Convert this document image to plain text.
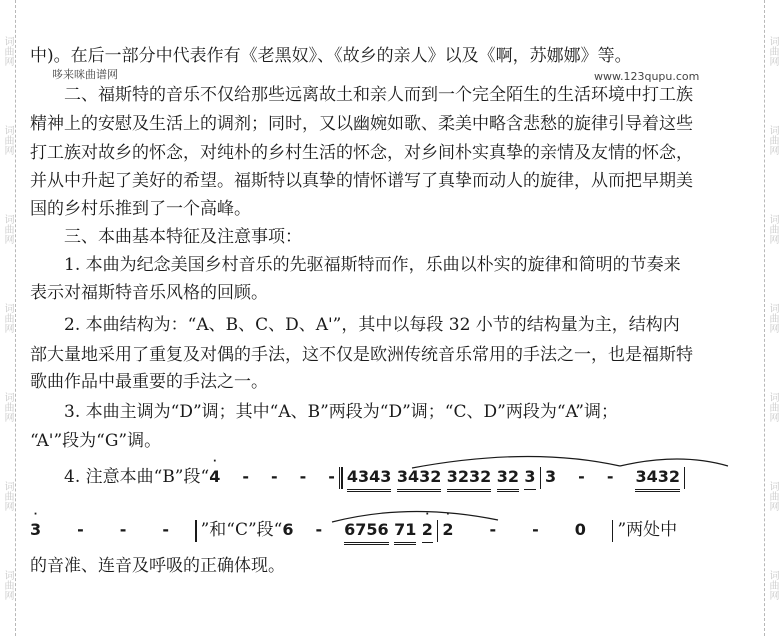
词曲网
词曲网
词曲网
词曲网
词曲网
词曲网
词曲网
词曲网
词曲网
词曲网
词曲网
词曲网
词曲网
词曲网
中)。在后一部分中代表作有《老黑奴》、《故乡的亲人》以及《啊，苏娜娜》等。
哆来咪曲谱网	www.123qupu.com
二、福斯特的音乐不仅给那些远离故土和亲人而到一个完全陌生的生活环境中打工族
精神上的安慰及生活上的调剂；同时，又以幽婉如歌、柔美中略含悲愁的旋律引导着这些
打工族对故乡的怀念，对纯朴的乡村生活的怀念，对乡间朴实真挚的亲情及友情的怀念，
并从中升起了美好的希望。福斯特以真挚的情怀谱写了真挚而动人的旋律，从而把早期美
国的乡村乐推到了一个高峰。
三、本曲基本特征及注意事项：
1. 本曲为纪念美国乡村音乐的先驱福斯特而作，乐曲以朴实的旋律和简明的节奏来
表示对福斯特音乐风格的回顾。
2. 本曲结构为：“A、B、C、D、A'”，其中以每段 32 小节的结构量为主，结构内
部大量地采用了重复及对偶的手法，这不仅是欧洲传统音乐常用的手法之一，也是福斯特
歌曲作品中最重要的手法之一。
3. 本曲主调为“D”调；其中“A、B”两段为“D”调；“C、D”两段为“A”调；
“A'”段为“G”调。
4. 注意本曲“B”段“
·
4 - - - - 4343 3432 3232 32 3 3 - - 3432
·
3 - - - ”和“C”段“6 - 6756 71
·
2
·
2 - - 0 ”两处中
的音准、连音及呼吸的正确体现。
